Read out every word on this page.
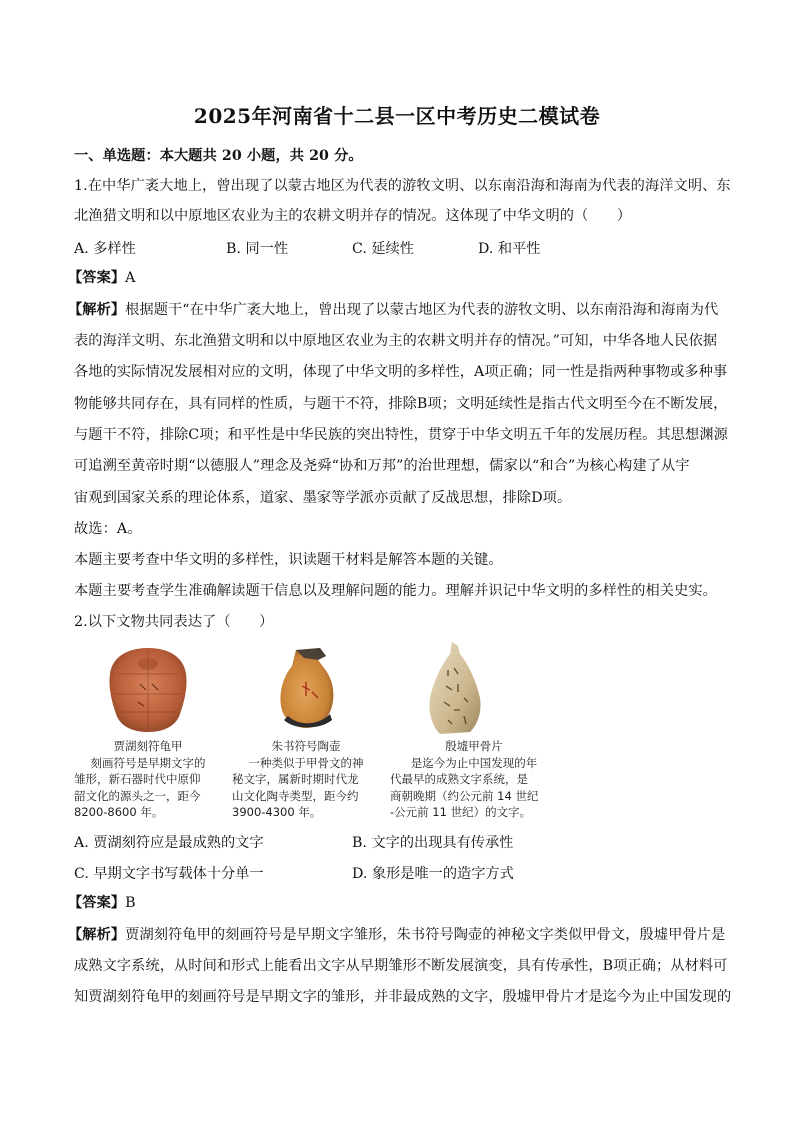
2025年河南省十二县一区中考历史二模试卷
一、单选题：本大题共 20 小题，共 20 分。
1.在中华广袤大地上，曾出现了以蒙古地区为代表的游牧文明、以东南沿海和海南为代表的海洋文明、东
北渔猎文明和以中原地区农业为主的农耕文明并存的情况。这体现了中华文明的（　　）
A. 多样性	B. 同一性	C. 延续性	D. 和平性
【答案】A
【解析】根据题干“在中华广袤大地上，曾出现了以蒙古地区为代表的游牧文明、以东南沿海和海南为代
表的海洋文明、东北渔猎文明和以中原地区农业为主的农耕文明并存的情况。”可知，中华各地人民依据
各地的实际情况发展相对应的文明，体现了中华文明的多样性，A项正确；同一性是指两种事物或多种事
物能够共同存在，具有同样的性质，与题干不符，排除B项；文明延续性是指古代文明至今在不断发展，
与题干不符，排除C项；和平性是中华民族的突出特性，贯穿于中华文明五千年的发展历程。其思想渊源
可追溯至黄帝时期“以德服人”理念及尧舜“协和万邦”的治世理想，儒家以“和合”为核心构建了从宇
宙观到国家关系的理论体系，道家、墨家等学派亦贡献了反战思想，排除D项。
故选：A。
本题主要考查中华文明的多样性，识读题干材料是解答本题的关键。
本题主要考查学生准确解读题干信息以及理解问题的能力。理解并识记中华文明的多样性的相关史实。
2.以下文物共同表达了（　　）
贾湖刻符龟甲
刻画符号是早期文字的
雏形，新石器时代中原仰
韶文化的源头之一，距今
8200-8600 年。
朱书符号陶壶
一种类似于甲骨文的神
秘文字，属新时期时代龙
山文化陶寺类型，距今约
3900-4300 年。
殷墟甲骨片
是迄今为止中国发现的年
代最早的成熟文字系统，是
商朝晚期（约公元前 14 世纪
-公元前 11 世纪）的文字。
A. 贾湖刻符应是最成熟的文字	B. 文字的出现具有传承性
C. 早期文字书写载体十分单一	D. 象形是唯一的造字方式
【答案】B
【解析】贾湖刻符龟甲的刻画符号是早期文字雏形，朱书符号陶壶的神秘文字类似甲骨文，殷墟甲骨片是
成熟文字系统，从时间和形式上能看出文字从早期雏形不断发展演变，具有传承性，B项正确；从材料可
知贾湖刻符龟甲的刻画符号是早期文字的雏形，并非最成熟的文字，殷墟甲骨片才是迄今为止中国发现的
